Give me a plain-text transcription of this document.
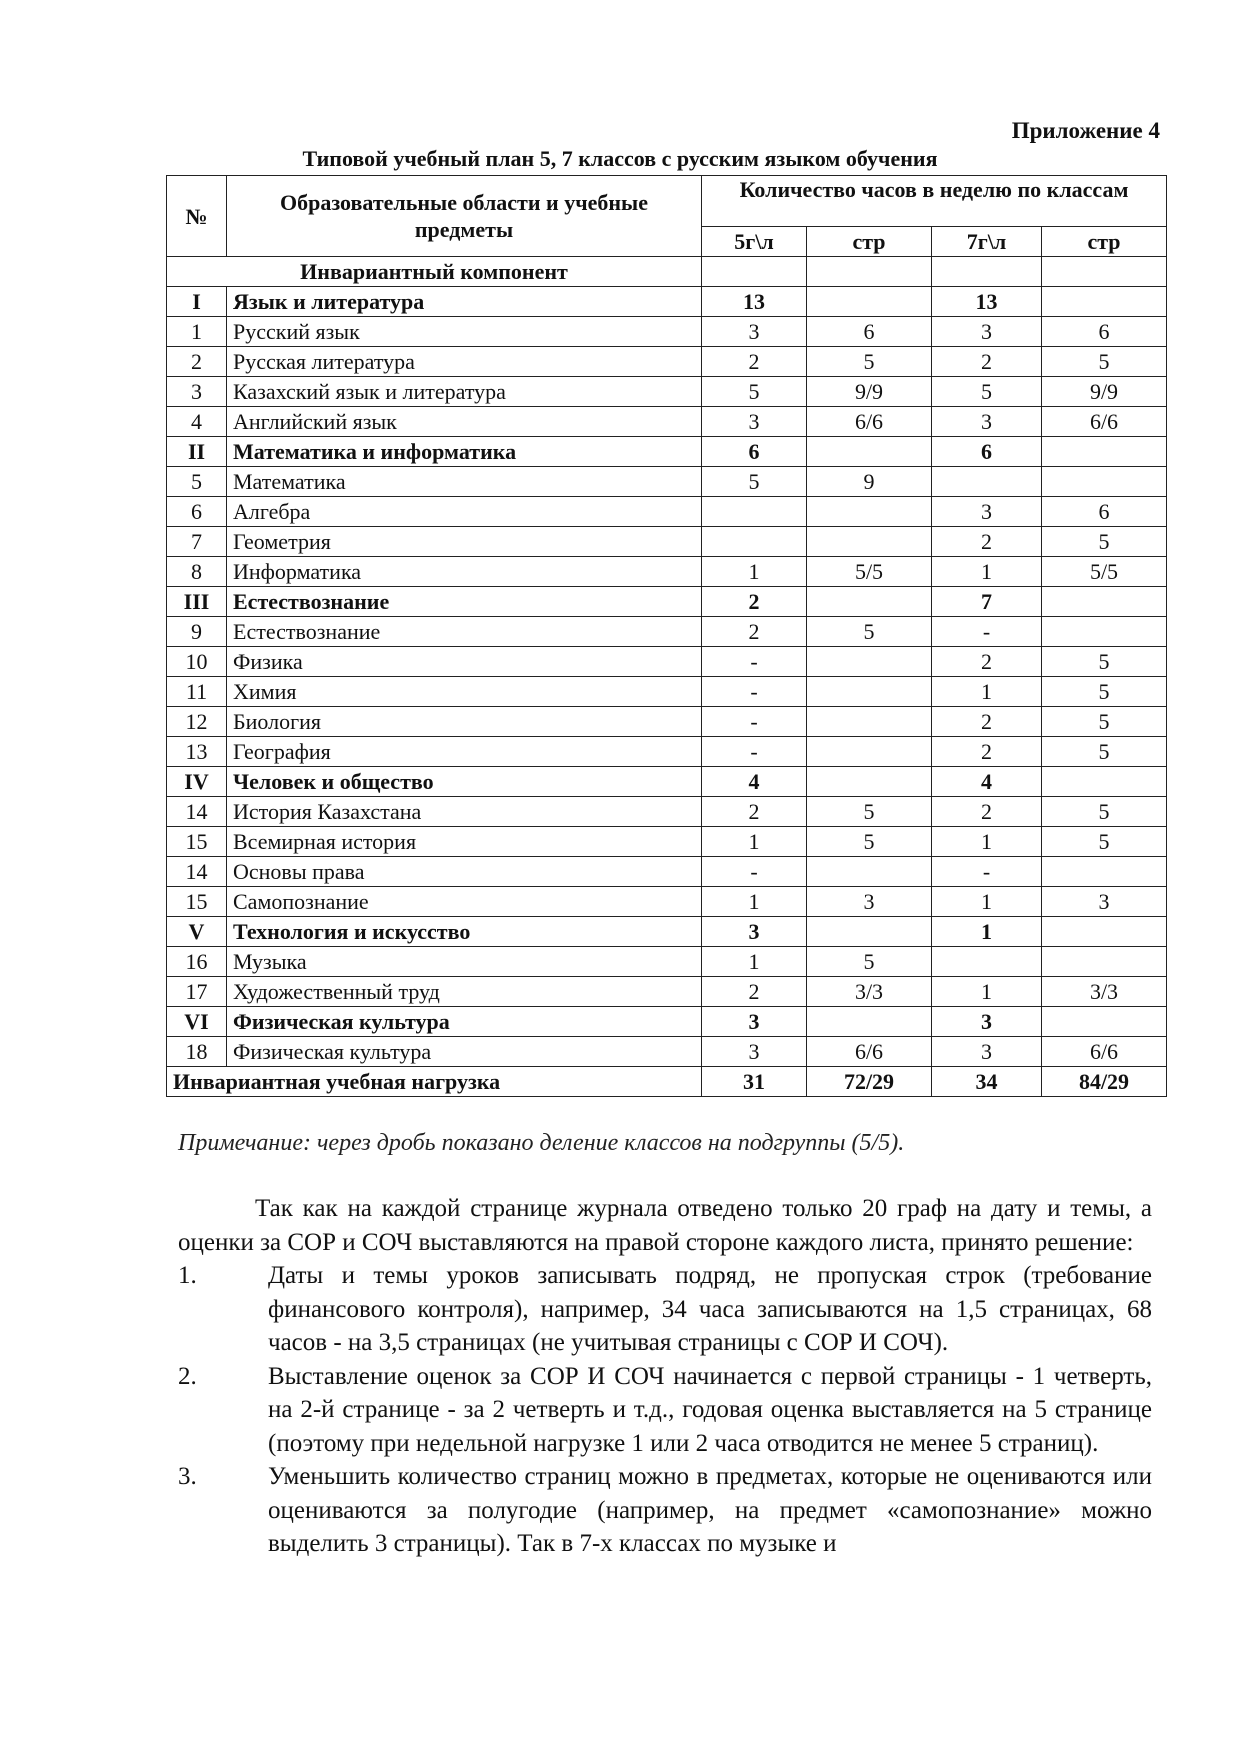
Приложение 4
Типовой учебный план 5, 7 классов с русским языком обучения
№	Образовательные области и учебные предметы	Количество часов в неделю по классам			
		5г\л	стр	7г\л	стр
Инвариантный компонент					
I	Язык и литература	13		13	
1	Русский язык	3	6	3	6
2	Русская литература	2	5	2	5
3	Казахский язык и литература	5	9/9	5	9/9
4	Английский язык	3	6/6	3	6/6
II	Математика и информатика	6		6	
5	Математика	5	9		
6	Алгебра			3	6
7	Геометрия			2	5
8	Информатика	1	5/5	1	5/5
III	Естествознание	2		7	
9	Естествознание	2	5	-	
10	Физика	-		2	5
11	Химия	-		1	5
12	Биология	-		2	5
13	География	-		2	5
IV	Человек и общество	4		4	
14	История Казахстана	2	5	2	5
15	Всемирная история	1	5	1	5
14	Основы права	-		-	
15	Самопознание	1	3	1	3
V	Технология и искусство	3		1	
16	Музыка	1	5		
17	Художественный труд	2	3/3	1	3/3
VI	Физическая культура	3		3	
18	Физическая культура	3	6/6	3	6/6
Инвариантная учебная нагрузка		31	72/29	34	84/29
Примечание: через дробь показано деление классов на подгруппы (5/5).

Так как на каждой странице журнала отведено только 20 граф на дату и темы, а оценки за СОР и СОЧ выставляются на правой стороне каждого листа, принято решение:

1.	Даты и темы уроков записывать подряд, не пропуская строк (требование финансового контроля), например, 34 часа записываются на 1,5 страницах, 68 часов - на 3,5 страницах (не учитывая страницы с СОР И СОЧ).
2.	Выставление оценок за СОР И СОЧ начинается с первой страницы - 1 четверть, на 2-й странице - за 2 четверть и т.д., годовая оценка выставляется на 5 странице (поэтому при недельной нагрузке 1 или 2 часа отводится не менее 5 страниц).
3.	Уменьшить количество страниц можно в предметах, которые не оцениваются или оцениваются за полугодие (например, на предмет «самопознание» можно выделить 3 страницы). Так в 7-х классах по музыке и
